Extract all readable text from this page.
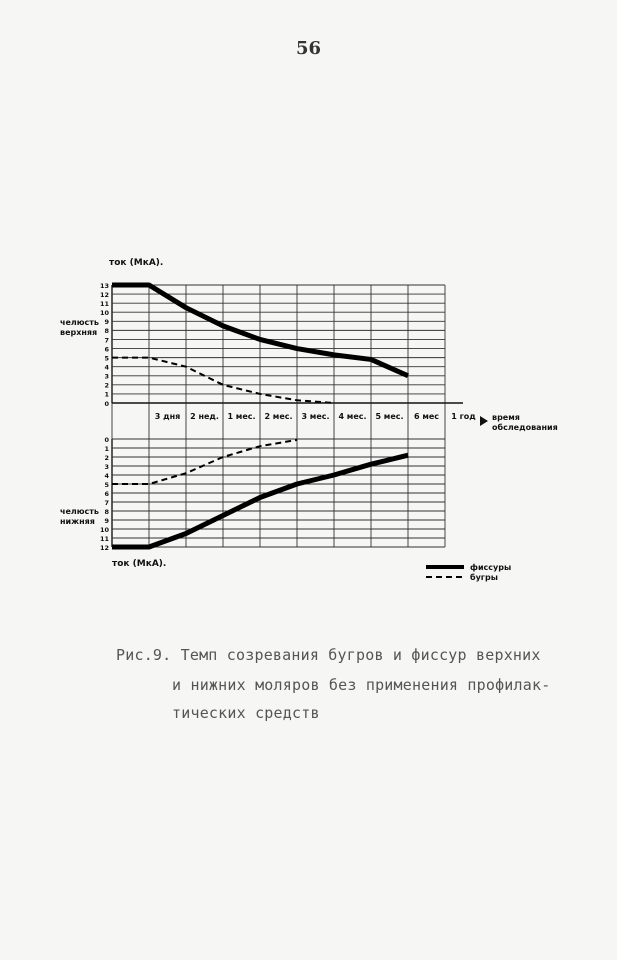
56
ток (МкА).
челюсть
верхняя
0
1
2
3
4
5
6
7
8
9
10
11
12
13
3 дня 2 нед. 1 мес. 2 мес. 3 мес. 4 мес. 5 мес. 6 мес 1 год время
обследования
челюсть
нижняя
0
1
2
3
4
5
6
7
8
9
10
11
12
ток (МкА).	фиссуры
бугры
Рис.9. Темп созревания бугров и фиссур верхних
и нижних моляров без применения профилак-
тических средств
